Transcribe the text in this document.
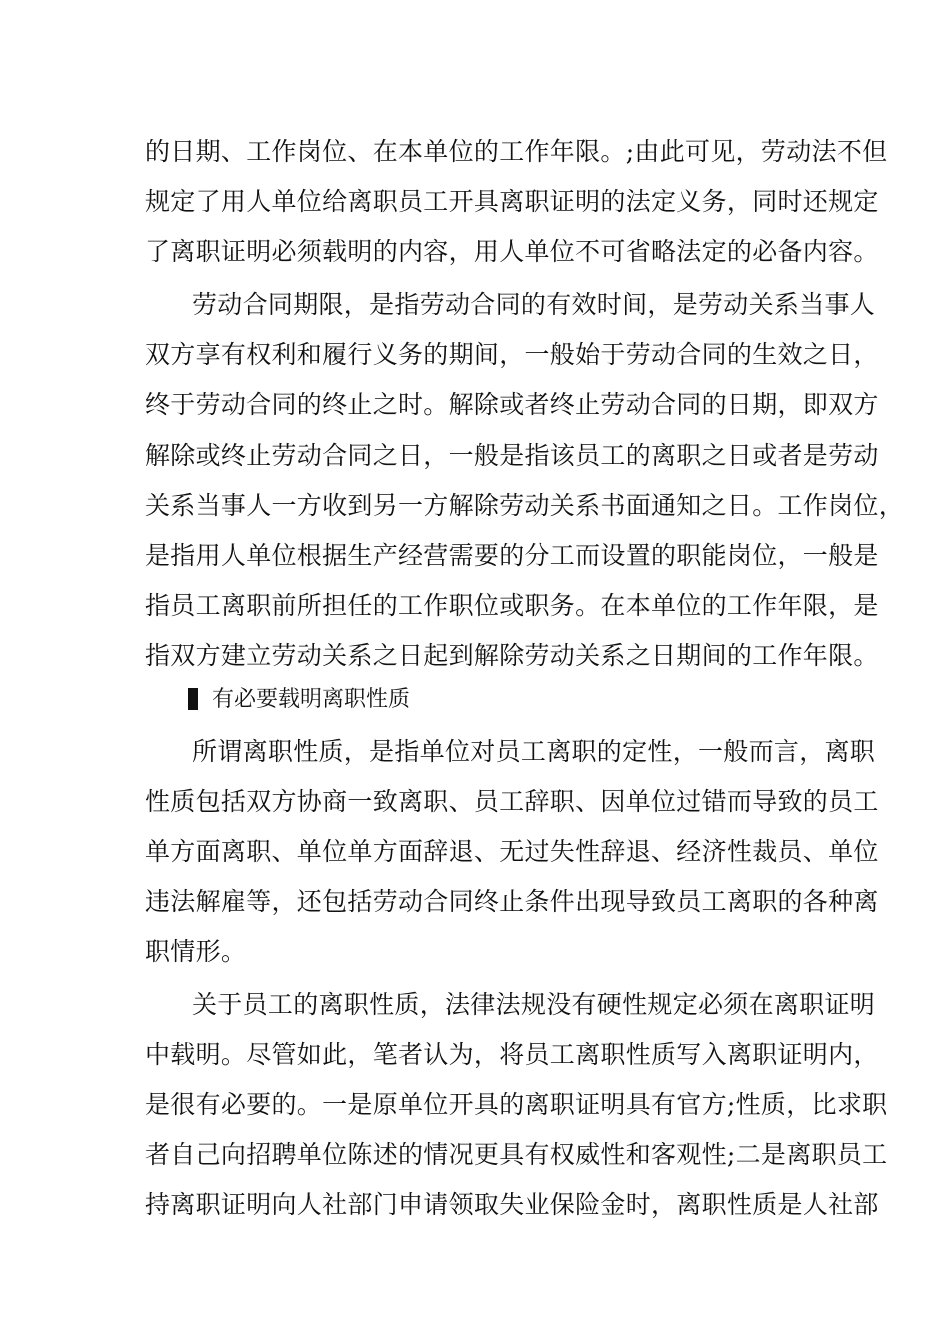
的日期、工作岗位、在本单位的工作年限。;由此可见，劳动法不但
规定了用人单位给离职员工开具离职证明的法定义务，同时还规定
了离职证明必须载明的内容，用人单位不可省略法定的必备内容。
劳动合同期限，是指劳动合同的有效时间，是劳动关系当事人
双方享有权利和履行义务的期间，一般始于劳动合同的生效之日，
终于劳动合同的终止之时。解除或者终止劳动合同的日期，即双方
解除或终止劳动合同之日，一般是指该员工的离职之日或者是劳动
关系当事人一方收到另一方解除劳动关系书面通知之日。工作岗位，
是指用人单位根据生产经营需要的分工而设置的职能岗位，一般是
指员工离职前所担任的工作职位或职务。在本单位的工作年限，是
指双方建立劳动关系之日起到解除劳动关系之日期间的工作年限。
有必要载明离职性质
所谓离职性质，是指单位对员工离职的定性，一般而言，离职
性质包括双方协商一致离职、员工辞职、因单位过错而导致的员工
单方面离职、单位单方面辞退、无过失性辞退、经济性裁员、单位
违法解雇等，还包括劳动合同终止条件出现导致员工离职的各种离
职情形。
关于员工的离职性质，法律法规没有硬性规定必须在离职证明
中载明。尽管如此，笔者认为，将员工离职性质写入离职证明内，
是很有必要的。一是原单位开具的离职证明具有官方;性质，比求职
者自己向招聘单位陈述的情况更具有权威性和客观性;二是离职员工
持离职证明向人社部门申请领取失业保险金时，离职性质是人社部
